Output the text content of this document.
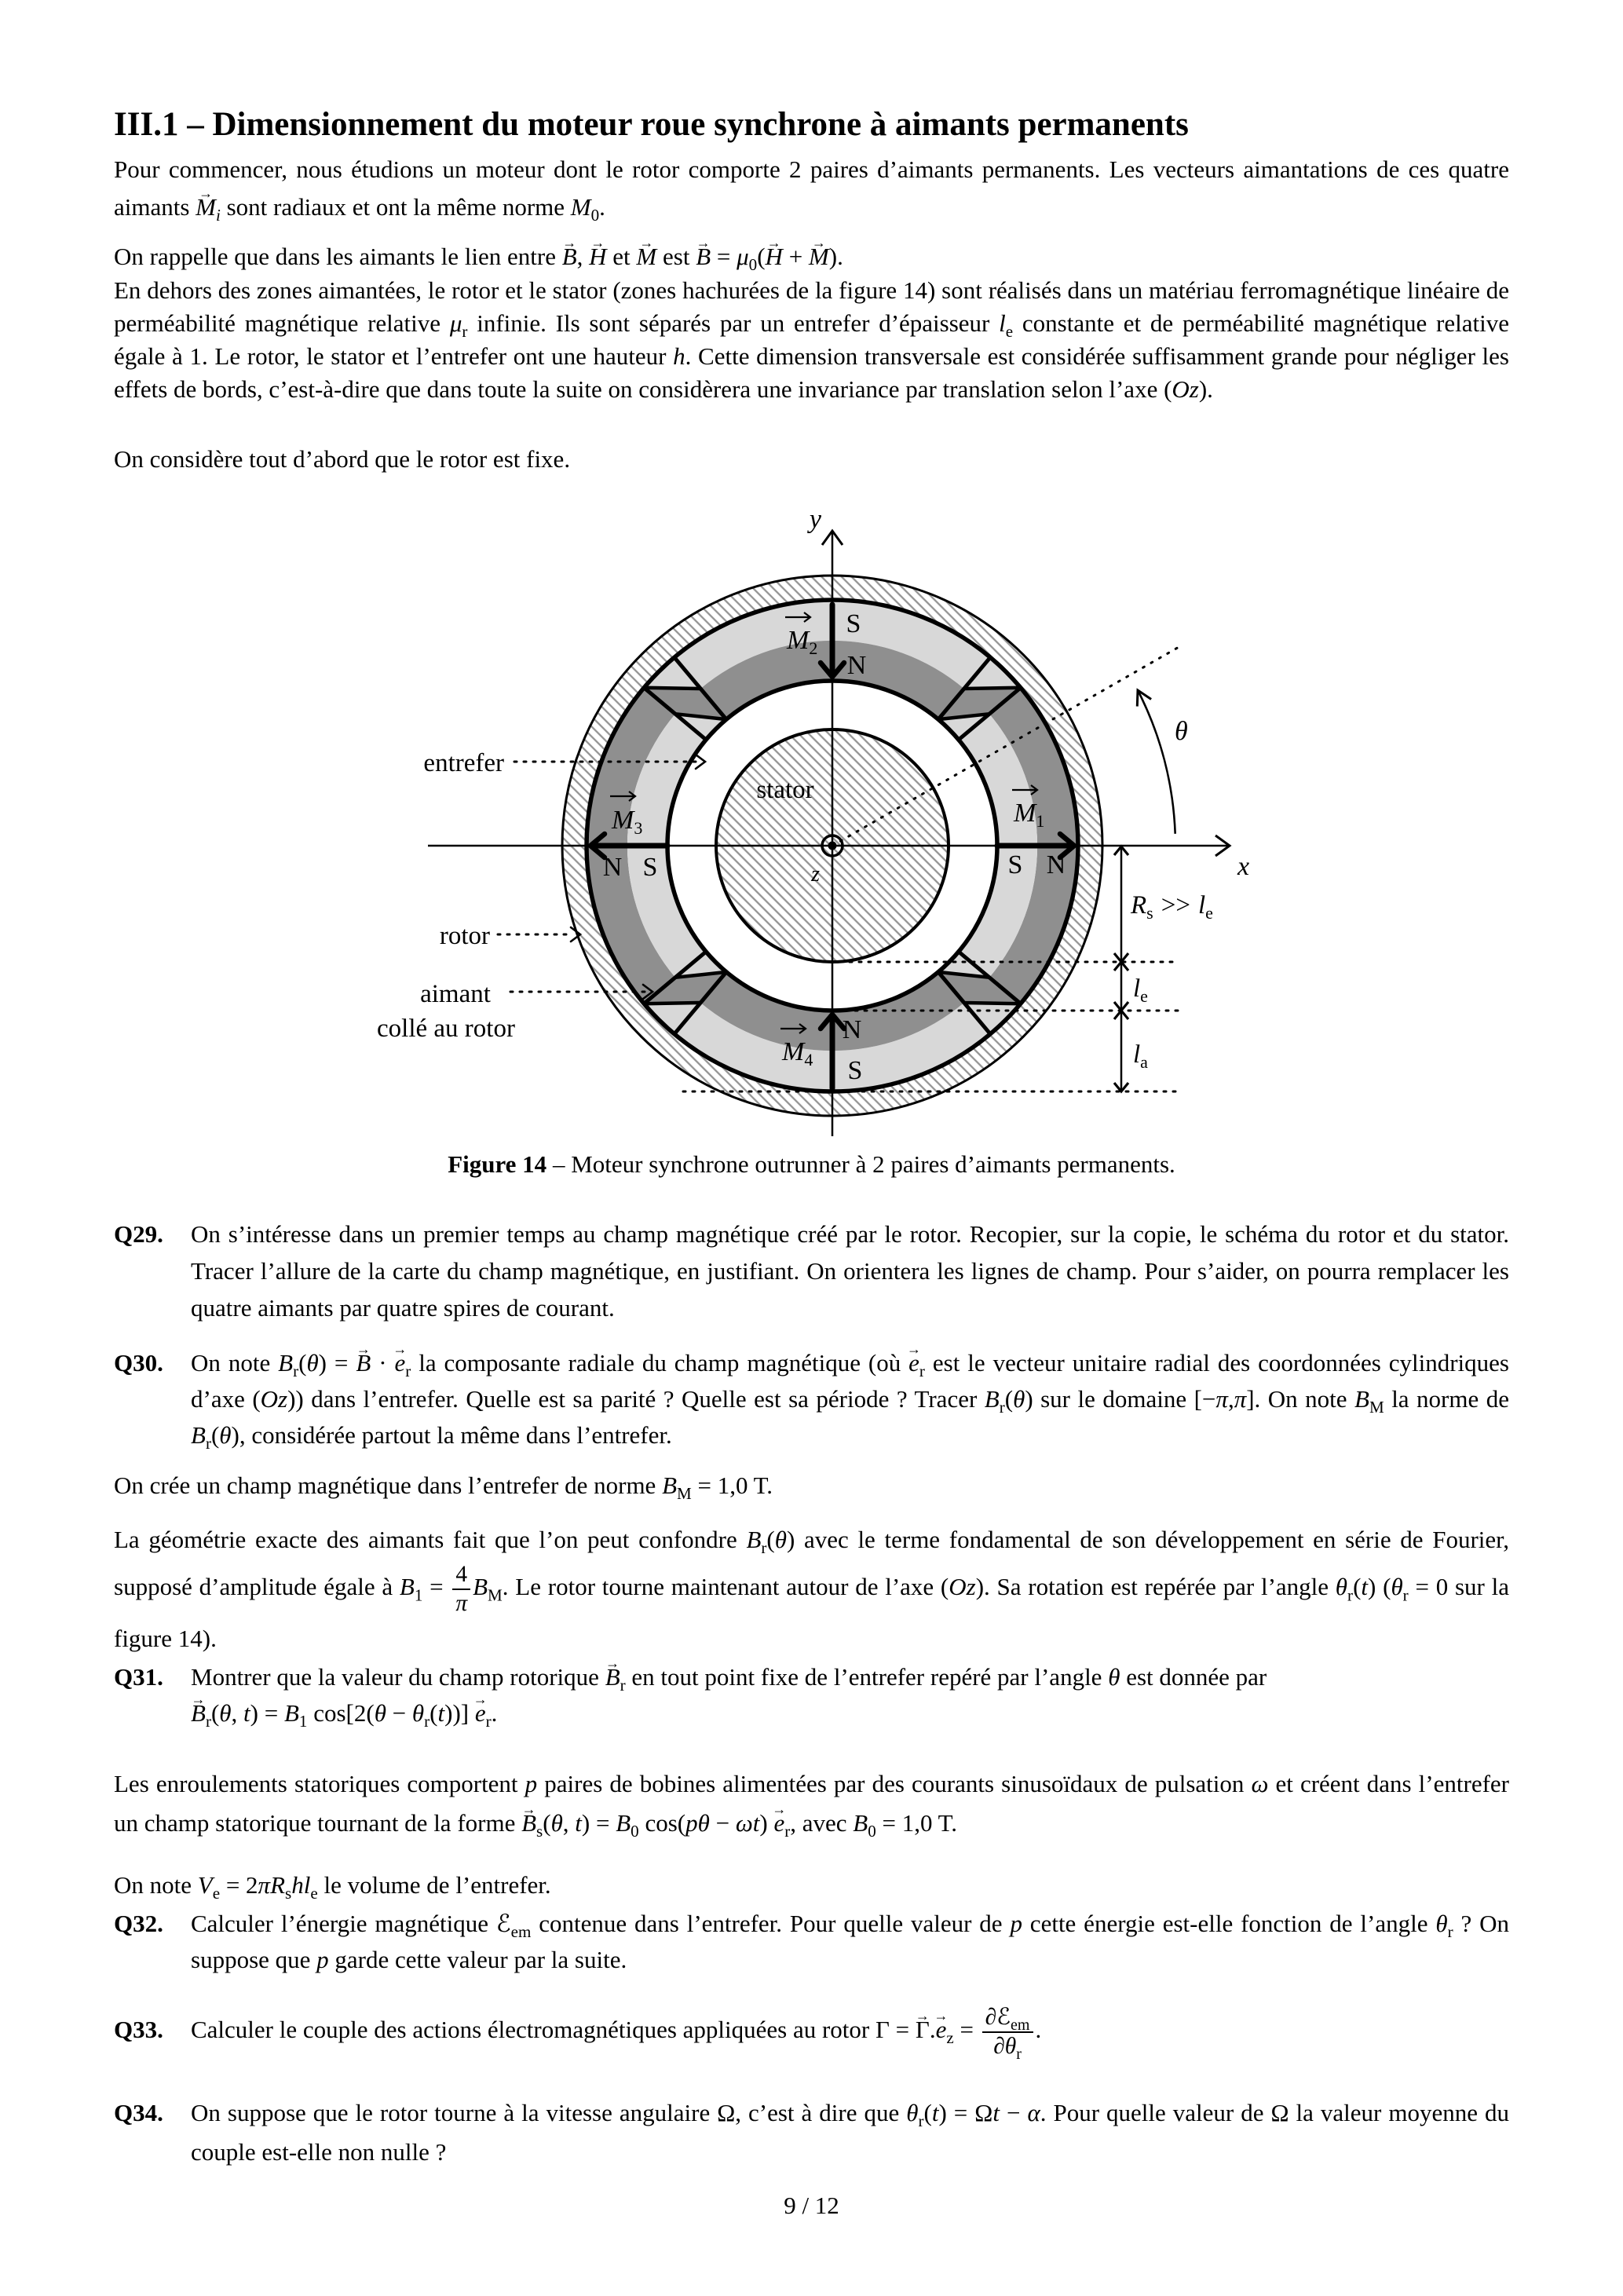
III.1 – Dimensionnement du moteur roue synchrone à aimants permanents
Pour commencer, nous étudions un moteur dont le rotor comporte 2 paires d’aimants permanents. Les vecteurs aimantations de ces quatre aimants $M \to_i$ sont radiaux et ont la même norme $M_0$.
On rappelle que dans les aimants le lien entre B →, H → et M → est B → = $\mu_0(H$ → + M →).
En dehors des zones aimantées, le rotor et le stator (zones hachurées de la figure 14) sont réalisés dans un matériau ferromagnétique linéaire de perméabilité magnétique relative $\mu_r$ infinie. Ils sont séparés par un entrefer d’épaisseur $l_e$ constante et de perméabilité magnétique relative égale à 1. Le rotor, le stator et l’entrefer ont une hauteur h. Cette dimension transversale est considérée suffisamment grande pour négliger les effets de bords, c’est-à-dire que dans toute la suite on considèrera une invariance par translation selon l’axe (Oz).
On considère tout d’abord que le rotor est fixe.
y
x
z
θ
stator
entrefer
rotor
aimant
collé au rotor
$M_1$
$M_2$
$M_3$
$M_4$
S N
S
N
N S
N
S
$R_s >> l_e$
$l_e$
$l_a$
Figure 14 – Moteur synchrone outrunner à 2 paires d’aimants permanents.
Q29. On s’intéresse dans un premier temps au champ magnétique créé par le rotor. Recopier, sur la copie, le schéma du rotor et du stator. Tracer l’allure de la carte du champ magnétique, en justifiant. On orientera les lignes de champ. Pour s’aider, on pourra remplacer les quatre aimants par quatre spires de courant.
Q30. On note $B_r(\theta) = B$ → · $e \to_r$ la composante radiale du champ magnétique (où $e \to_r$ est le vecteur unitaire radial des coordonnées cylindriques d’axe (Oz)) dans l’entrefer. Quelle est sa parité ? Quelle est sa période ? Tracer $B_r(\theta)$ sur le domaine [−π,π]. On note $B_M$ la norme de $B_r(\theta)$, considérée partout la même dans l’entrefer.
On crée un champ magnétique dans l’entrefer de norme $B_M = 1,0$ T.
La géométrie exacte des aimants fait que l’on peut confondre $B_r(\theta)$ avec le terme fondamental de son développement en série de Fourier, supposé d’amplitude égale à $B_1 = \frac{4}{\pi} B_M$. Le rotor tourne maintenant autour de l’axe (Oz). Sa rotation est repérée par l’angle $\theta_r(t) (\theta_r = 0$ sur la figure 14).
Q31. Montrer que la valeur du champ rotorique $B \to_r$ en tout point fixe de l’entrefer repéré par l’angle θ est donnée par
$B \to_r(\theta$, $t) = B_1$ $\cos[2(\theta - \theta_r(t))]$ $e \to_r$.
Les enroulements statoriques comportent p paires de bobines alimentées par des courants sinusoïdaux de pulsation ω et créent dans l’entrefer un champ statorique tournant de la forme $B \to_s(\theta$, $t) = B_0$ cos(pθ − ωt) $e \to_r$, avec $B_0 = 1,0$ T.
On note $V_e = 2\pi R_shl_e$ le volume de l’entrefer.
Q32. Calculer l’énergie magnétique ℰ$_{em}$ contenue dans l’entrefer. Pour quelle valeur de p cette énergie est-elle fonction de l’angle $\theta_r$ ? On suppose que p garde cette valeur par la suite.
Q33. Calculer le couple des actions électromagnétiques appliquées au rotor $\Gamma = \Gamma \to.e \to_z = \frac{\partial ℰ_{em}}{\partial\theta_r}$ .
Q34. On suppose que le rotor tourne à la vitesse angulaire Ω, c’est à dire que $\theta_r(t) = \Omega t - \alpha$. Pour quelle valeur de Ω la valeur moyenne du couple est-elle non nulle ?
9 / 12
